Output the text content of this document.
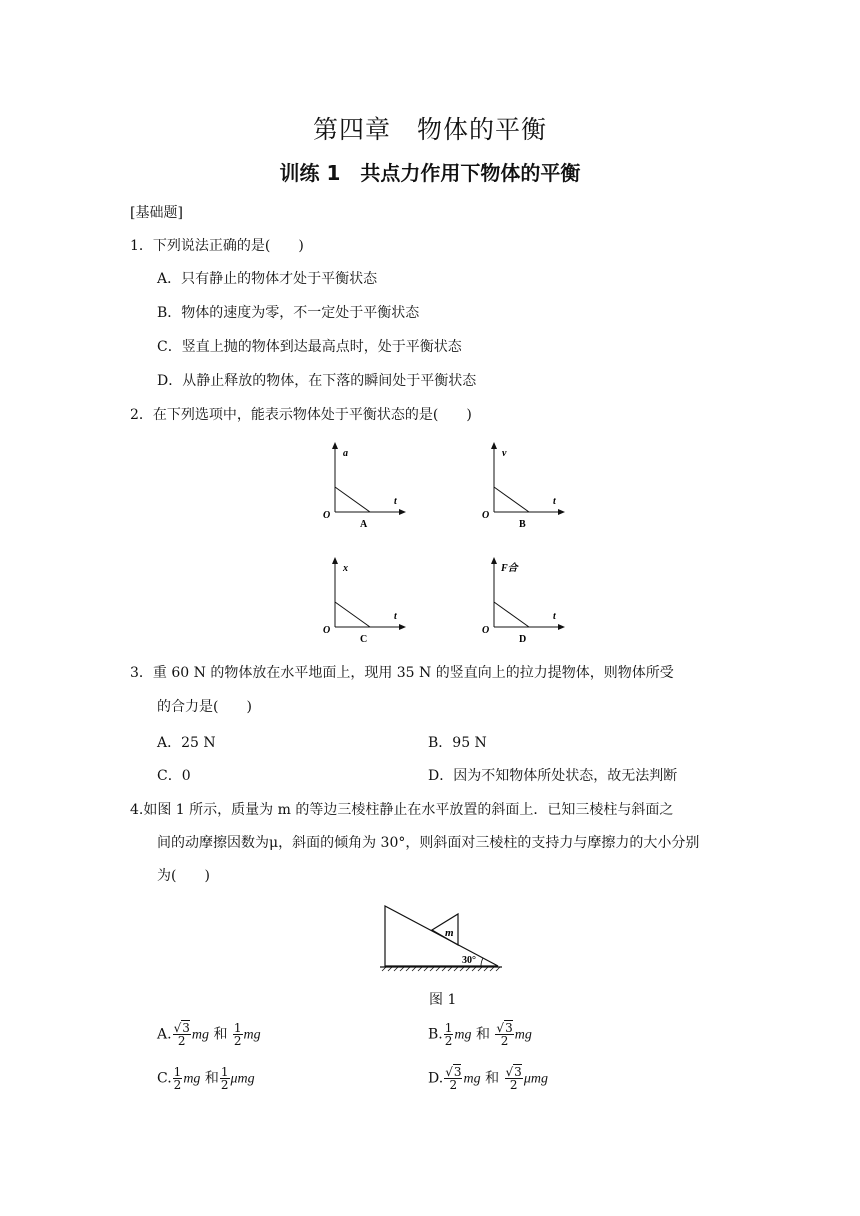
第四章　物体的平衡
训练 1　共点力作用下物体的平衡
[基础题]
1．下列说法正确的是(　　)
A．只有静止的物体才处于平衡状态
B．物体的速度为零，不一定处于平衡状态
C．竖直上抛的物体到达最高点时，处于平衡状态
D．从静止释放的物体，在下落的瞬间处于平衡状态
2．在下列选项中，能表示物体处于平衡状态的是(　　)
a
t
O
A
v
t
O
B
x
t
O
C
F合
t
O
D
3．重 60 N 的物体放在水平地面上，现用 35 N 的竖直向上的拉力提物体，则物体所受
的合力是(　　)
A．25 N	B．95 N
C．0	D．因为不知物体所处状态，故无法判断
4.如图 1 所示，质量为 m 的等边三棱柱静止在水平放置的斜面上．已知三棱柱与斜面之
间的动摩擦因数为μ，斜面的倾角为 30°，则斜面对三棱柱的支持力与摩擦力的大小分别
为(　　)
m
30°
图 1
A. $\frac{√3}{2}$ mg 和 $\frac{1}{2}$ mg	B. $\frac{1}{2}$ mg 和 $\frac{√3}{2}$ mg
C. $\frac{1}{2}$ mg 和 $\frac{1}{2}$ μmg	D. $\frac{√3}{2}$ mg 和 $\frac{√3}{2}$ μmg
